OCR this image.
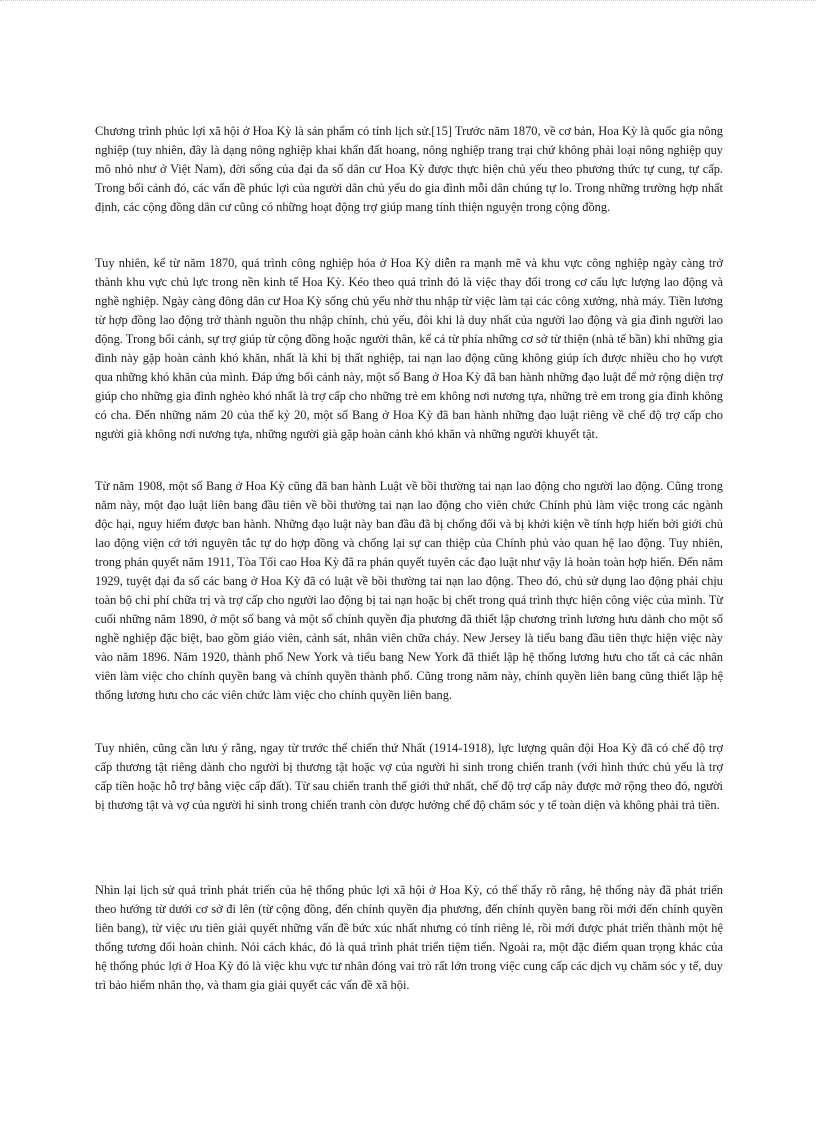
Chương trình phúc lợi xã hội ở Hoa Kỳ là sản phẩm có tính lịch sử.[15] Trước năm 1870, về cơ bản, Hoa Kỳ là quốc gia nông nghiệp (tuy nhiên, đây là dạng nông nghiệp khai khẩn đất hoang, nông nghiệp trang trại chứ không phải loại nông nghiệp quy mô nhỏ như ở Việt Nam), đời sống của đại đa số dân cư Hoa Kỳ được thực hiện chủ yếu theo phương thức tự cung, tự cấp. Trong bối cảnh đó, các vấn đề phúc lợi của người dân chủ yếu do gia đình mỗi dân chúng tự lo. Trong những trường hợp nhất định, các cộng đồng dân cư cũng có những hoạt động trợ giúp mang tính thiện nguyện trong cộng đồng.

Tuy nhiên, kể từ năm 1870, quá trình công nghiệp hóa ở Hoa Kỳ diễn ra mạnh mẽ và khu vực công nghiệp ngày càng trở thành khu vực chủ lực trong nền kinh tế Hoa Kỳ. Kéo theo quá trình đó là việc thay đổi trong cơ cấu lực lượng lao động và nghề nghiệp. Ngày càng đông dân cư Hoa Kỳ sống chủ yếu nhờ thu nhập từ việc làm tại các công xưởng, nhà máy. Tiền lương từ hợp đồng lao động trở thành nguồn thu nhập chính, chủ yếu, đôi khi là duy nhất của người lao động và gia đình người lao động. Trong bối cảnh, sự trợ giúp từ cộng đồng hoặc người thân, kể cả từ phía những cơ sở từ thiện (nhà tế bần) khi những gia đình này gặp hoàn cảnh khó khăn, nhất là khi bị thất nghiệp, tai nạn lao động cũng không giúp ích được nhiều cho họ vượt qua những khó khăn của mình. Đáp ứng bối cảnh này, một số Bang ở Hoa Kỳ đã ban hành những đạo luật để mở rộng diện trợ giúp cho những gia đình nghèo khó nhất là trợ cấp cho những trẻ em không nơi nương tựa, những trẻ em trong gia đình không có cha. Đến những năm 20 của thế kỷ 20, một số Bang ở Hoa Kỳ đã ban hành những đạo luật riêng về chế độ trợ cấp cho người già không nơi nương tựa, những người già gặp hoàn cảnh khó khăn và những người khuyết tật.

Từ năm 1908, một số Bang ở Hoa Kỳ cũng đã ban hành Luật về bồi thường tai nạn lao động cho người lao động. Cũng trong năm này, một đạo luật liên bang đầu tiên về bồi thường tai nạn lao động cho viên chức Chính phủ làm việc trong các ngành độc hại, nguy hiểm được ban hành. Những đạo luật này ban đầu đã bị chống đối và bị khởi kiện về tính hợp hiến bởi giới chủ lao động viện cớ tới nguyên tắc tự do hợp đồng và chống lại sự can thiệp của Chính phủ vào quan hệ lao động. Tuy nhiên, trong phán quyết năm 1911, Tòa Tối cao Hoa Kỳ đã ra phán quyết tuyên các đạo luật như vậy là hoàn toàn hợp hiến. Đến năm 1929, tuyệt đại đa số các bang ở Hoa Kỳ đã có luật về bồi thường tai nạn lao động. Theo đó, chủ sử dụng lao động phải chịu toàn bộ chi phí chữa trị và trợ cấp cho người lao động bị tai nạn hoặc bị chết trong quá trình thực hiện công việc của mình. Từ cuối những năm 1890, ở một số bang và một số chính quyền địa phương đã thiết lập chương trình lương hưu dành cho một số nghề nghiệp đặc biệt, bao gồm giáo viên, cảnh sát, nhân viên chữa cháy. New Jersey là tiểu bang đầu tiên thực hiện việc này vào năm 1896. Năm 1920, thành phố New York và tiểu bang New York đã thiết lập hệ thống lương hưu cho tất cả các nhân viên làm việc cho chính quyền bang và chính quyền thành phố. Cũng trong năm này, chính quyền liên bang cũng thiết lập hệ thống lương hưu cho các viên chức làm việc cho chính quyền liên bang.

Tuy nhiên, cũng cần lưu ý rằng, ngay từ trước thế chiến thứ Nhất (1914-1918), lực lượng quân đội Hoa Kỳ đã có chế độ trợ cấp thương tật riêng dành cho người bị thương tật hoặc vợ của người hi sinh trong chiến tranh (với hình thức chủ yếu là trợ cấp tiền hoặc hỗ trợ bằng việc cấp đất). Từ sau chiến tranh thế giới thứ nhất, chế độ trợ cấp này được mở rộng theo đó, người bị thương tật và vợ của người hi sinh trong chiến tranh còn được hưởng chế độ chăm sóc y tế toàn diện và không phải trả tiền.

Nhìn lại lịch sử quá trình phát triển của hệ thống phúc lợi xã hội ở Hoa Kỳ, có thể thấy rõ rằng, hệ thống này đã phát triển theo hướng từ dưới cơ sở đi lên (từ cộng đồng, đến chính quyền địa phương, đến chính quyền bang rồi mới đến chính quyền liên bang), từ việc ưu tiên giải quyết những vấn đề bức xúc nhất nhưng có tính riêng lẻ, rồi mới được phát triển thành một hệ thống tương đối hoàn chỉnh. Nói cách khác, đó là quá trình phát triển tiệm tiến. Ngoài ra, một đặc điểm quan trọng khác của hệ thống phúc lợi ở Hoa Kỳ đó là việc khu vực tư nhân đóng vai trò rất lớn trong việc cung cấp các dịch vụ chăm sóc y tế, duy trì bảo hiểm nhân thọ, và tham gia giải quyết các vấn đề xã hội.
